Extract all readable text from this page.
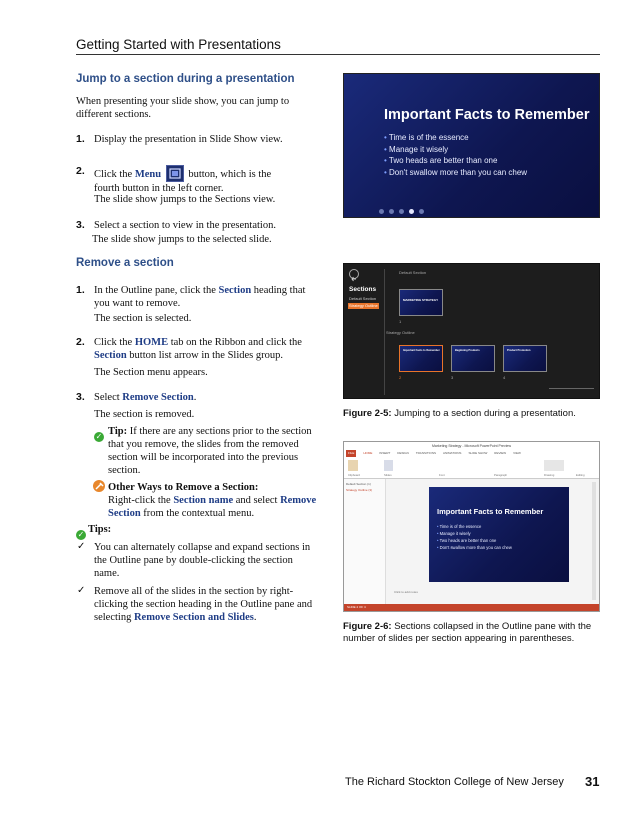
Getting Started with Presentations
Jump to a section during a presentation
When presenting your slide show, you can jump to different sections.
1. Display the presentation in Slide Show view.
2. Click the Menu  button, which is the fourth button in the left corner.
The slide show jumps to the Sections view.
3. Select a section to view in the presentation.
The slide show jumps to the selected slide.
Remove a section
1. In the Outline pane, click the Section heading that you want to remove.
The section is selected.
2. Click the HOME tab on the Ribbon and click the Section button list arrow in the Slides group.
The Section menu appears.
3. Select Remove Section.
The section is removed.
✓ Tip: If there are any sections prior to the section that you remove, the slides from the removed section will be incorporated into the previous section.
Other Ways to Remove a Section:
Right-click the Section name and select Remove Section from the contextual menu.
✓ Tips:
✓ You can alternately collapse and expand sections in the Outline pane by double-clicking the section name.
✓ Remove all of the slides in the section by right-clicking the section heading in the Outline pane and selecting Remove Section and Slides.
Important Facts to Remember
• Time is of the essence
• Manage it wisely
• Two heads are better than one
• Don't swallow more than you can chew
Sections
Default Section
Strategy Outline
Default Section
MARKETING STRATEGY
1
Strategy Outline
Important Facts to Remember	Beginning Products	Product Promotion
2	3	4
Figure 2-5: Jumping to a section during a presentation.
Marketing Strategy - Microsoft PowerPoint Preview
FILE	HOME INSERT DESIGN TRANSITIONS ANIMATIONS SLIDE SHOW REVIEW VIEW
Clipboard	Slides	Font	Paragraph	Drawing	Editing
Default Section (1)
Strategy Outline (3)
Important Facts to Remember
• Time is of the essence
• Manage it wisely
• Two heads are better than one
• Don't swallow more than you can chew
Click to add notes
SLIDE 2 OF 4
Figure 2-6: Sections collapsed in the Outline pane with the number of slides per section appearing in parentheses.
The Richard Stockton College of New Jersey 31
